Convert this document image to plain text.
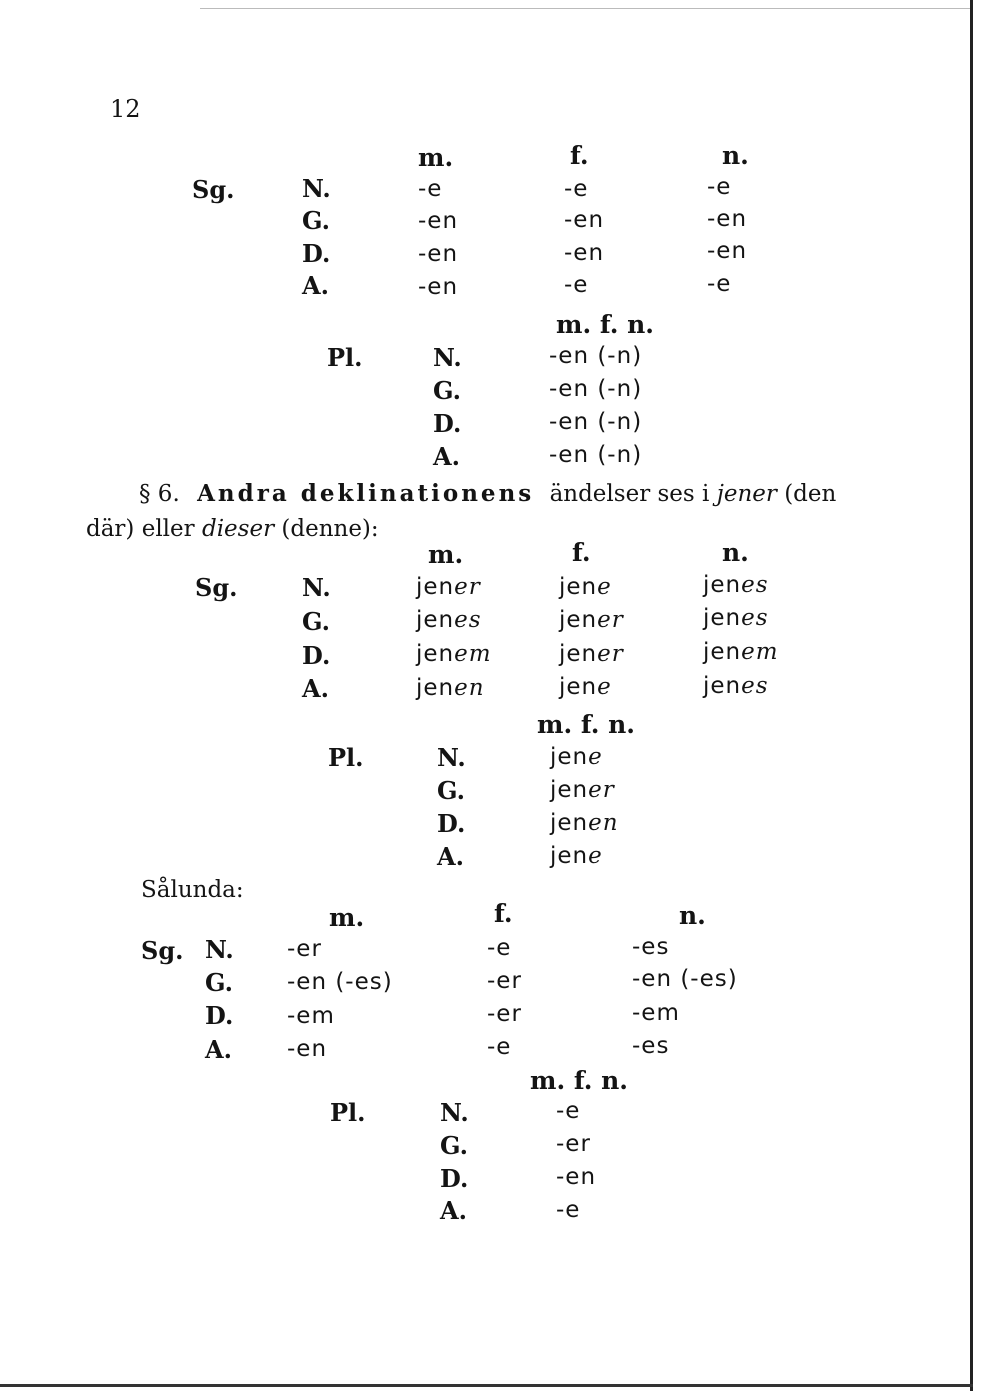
12
m.	f.	n.
Sg.	N.	-e	-e	-e
G.	-en	-en	-en
D.	-en	-en	-en
A.	-en	-e	-e
m. f. n.
Pl.	N.	-en (-n)
G.	-en (-n)
D.	-en (-n)
A.	-en (-n)
§ 6. Andra deklinationens ändelser ses i jener (den
där) eller dieser (denne):
m.	f.	n.
Sg.	N.	jener	jene	jenes
G.	jenes	jener	jenes
D.	jenem	jener	jenem
A.	jenen	jene	jenes
m. f. n.
Pl.	N.	jene
G.	jener
D.	jenen
A.	jene
Sålunda:
m.	f.	n.
Sg. N. -er	-e	-es
G. -en (-es)	-er	-en (-es)
D. -em	-er	-em
A. -en	-e	-es
m. f. n.
Pl.	N.	-e
G.	-er
D.	-en
A.	-e
